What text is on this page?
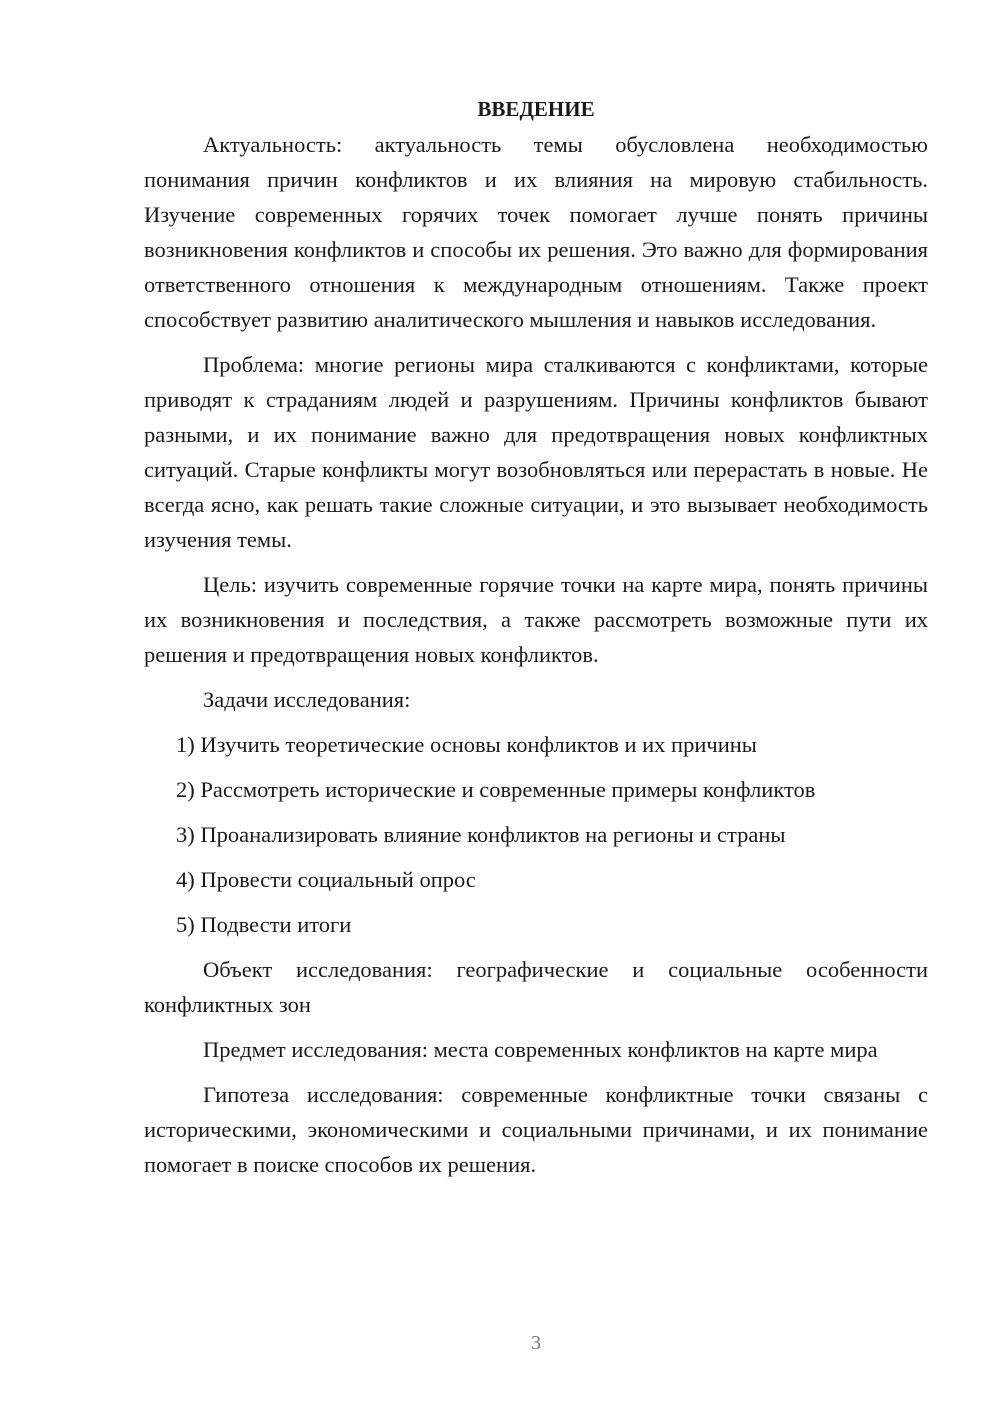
ВВЕДЕНИЕ

Актуальность: актуальность темы обусловлена необходимостью понимания причин конфликтов и их влияния на мировую стабильность. Изучение современных горячих точек помогает лучше понять причины возникновения конфликтов и способы их решения. Это важно для формирования ответственного отношения к международным отношениям. Также проект способствует развитию аналитического мышления и навыков исследования.

Проблема: многие регионы мира сталкиваются с конфликтами, которые приводят к страданиям людей и разрушениям. Причины конфликтов бывают разными, и их понимание важно для предотвращения новых конфликтных ситуаций. Старые конфликты могут возобновляться или перерастать в новые. Не всегда ясно, как решать такие сложные ситуации, и это вызывает необходимость изучения темы.

Цель: изучить современные горячие точки на карте мира, понять причины их возникновения и последствия, а также рассмотреть возможные пути их решения и предотвращения новых конфликтов.

Задачи исследования:

1) Изучить теоретические основы конфликтов и их причины
2) Рассмотреть исторические и современные примеры конфликтов
3) Проанализировать влияние конфликтов на регионы и страны
4) Провести социальный опрос
5) Подвести итоги

Объект исследования: географические и социальные особенности конфликтных зон

Предмет исследования: места современных конфликтов на карте мира

Гипотеза исследования: современные конфликтные точки связаны с историческими, экономическими и социальными причинами, и их понимание помогает в поиске способов их решения.

3
